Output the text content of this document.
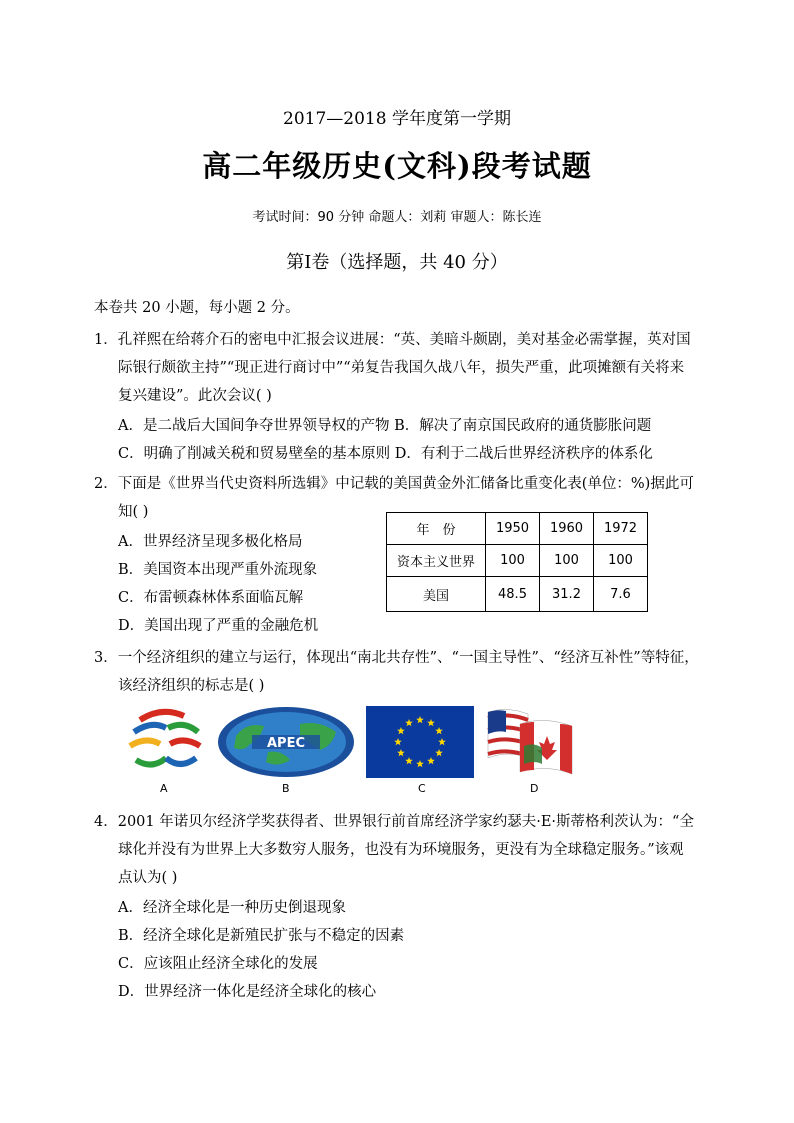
2017—2018 学年度第一学期
高二年级历史(文科)段考试题
考试时间：90 分钟 命题人：刘莉 审题人：陈长连
第Ⅰ卷（选择题，共 40 分）
本卷共 20 小题，每小题 2 分。
1．孔祥熙在给蒋介石的密电中汇报会议进展：“英、美暗斗颇剧，美对基金必需掌握，英对国
际银行颇欲主持”“现正进行商讨中”“弟复告我国久战八年，损失严重，此项摊额有关将来
复兴建设”。此次会议( )
A．是二战后大国间争夺世界领导权的产物 B．解决了南京国民政府的通货膨胀问题
C．明确了削减关税和贸易壁垒的基本原则 D．有利于二战后世界经济秩序的体系化
2．下面是《世界当代史资料所选辑》中记载的美国黄金外汇储备比重变化表(单位：%)据此可
知( )
A．世界经济呈现多极化格局
B．美国资本出现严重外流现象
C．布雷顿森林体系面临瓦解
D．美国出现了严重的金融危机
年　份	1950	1960	1972
资本主义世界	100	100	100
美国	48.5	31.2	7.6
3．一个经济组织的建立与运行，体现出“南北共存性”、“一国主导性”、“经济互补性”等特征，
该经济组织的标志是( )
A
APEC
B	C	D
4．2001 年诺贝尔经济学奖获得者、世界银行前首席经济学家约瑟夫·E·斯蒂格利茨认为：“全
球化并没有为世界上大多数穷人服务，也没有为环境服务，更没有为全球稳定服务。”该观
点认为( )
A．经济全球化是一种历史倒退现象
B．经济全球化是新殖民扩张与不稳定的因素
C．应该阻止经济全球化的发展
D．世界经济一体化是经济全球化的核心
